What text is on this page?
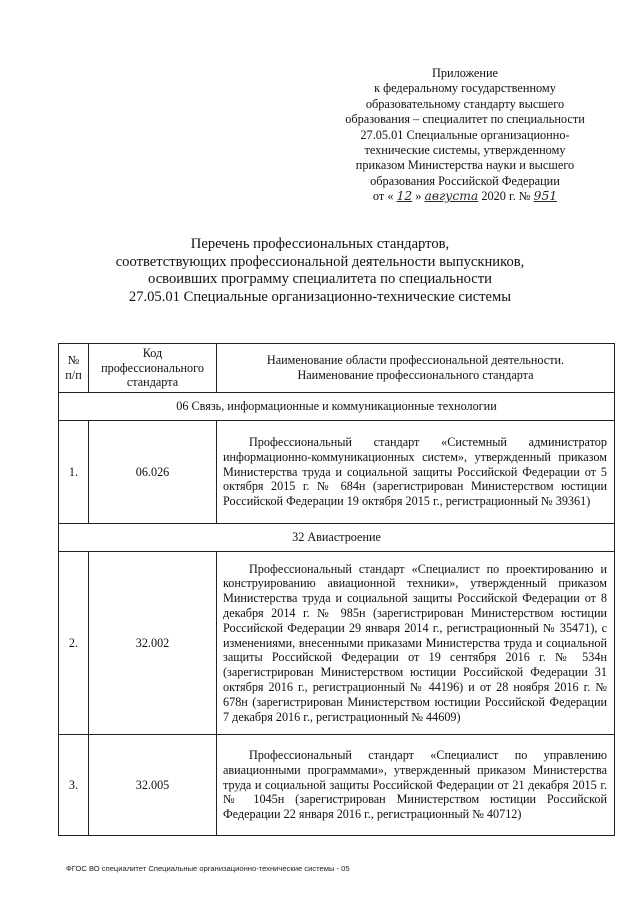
Приложение
к федеральному государственному
образовательному стандарту высшего
образования – специалитет по специальности
27.05.01 Специальные организационно-
технические системы, утвержденному
приказом Министерства науки и высшего
образования Российской Федерации
от « 12 » августа 2020 г. № 951
Перечень профессиональных стандартов,
соответствующих профессиональной деятельности выпускников,
освоивших программу специалитета по специальности
27.05.01 Специальные организационно-технические системы
№
п/п	Код
профессионального
стандарта	Наименование области профессиональной деятельности.
Наименование профессионального стандарта
06 Связь, информационные и коммуникационные технологии		
1.	06.026	Профессиональный стандарт «Системный администратор информационно-коммуникационных систем», утвержденный приказом Министерства труда и социальной защиты Российской Федерации от 5 октября 2015 г. № 684н (зарегистрирован Министерством юстиции Российской Федерации 19 октября 2015 г., регистрационный № 39361)

32 Авиастроение		
2.	32.002	Профессиональный стандарт «Специалист по проектированию и конструированию авиационной техники», утвержденный приказом Министерства труда и социальной защиты Российской Федерации от 8 декабря 2014 г. № 985н (зарегистрирован Министерством юстиции Российской Федерации 29 января 2014 г., регистрационный № 35471), с изменениями, внесенными приказами Министерства труда и социальной защиты Российской Федерации от 19 сентября 2016 г. № 534н (зарегистрирован Министерством юстиции Российской Федерации 31 октября 2016 г., регистрационный № 44196) и от 28 ноября 2016 г. № 678н (зарегистрирован Министерством юстиции Российской Федерации 7 декабря 2016 г., регистрационный № 44609)

3.	32.005	Профессиональный стандарт «Специалист по управлению авиационными программами», утвержденный приказом Министерства труда и социальной защиты Российской Федерации от 21 декабря 2015 г. № 1045н (зарегистрирован Министерством юстиции Российской Федерации 22 января 2016 г., регистрационный № 40712)
ФГОС ВО специалитет Специальные организационно-технические системы - 05
